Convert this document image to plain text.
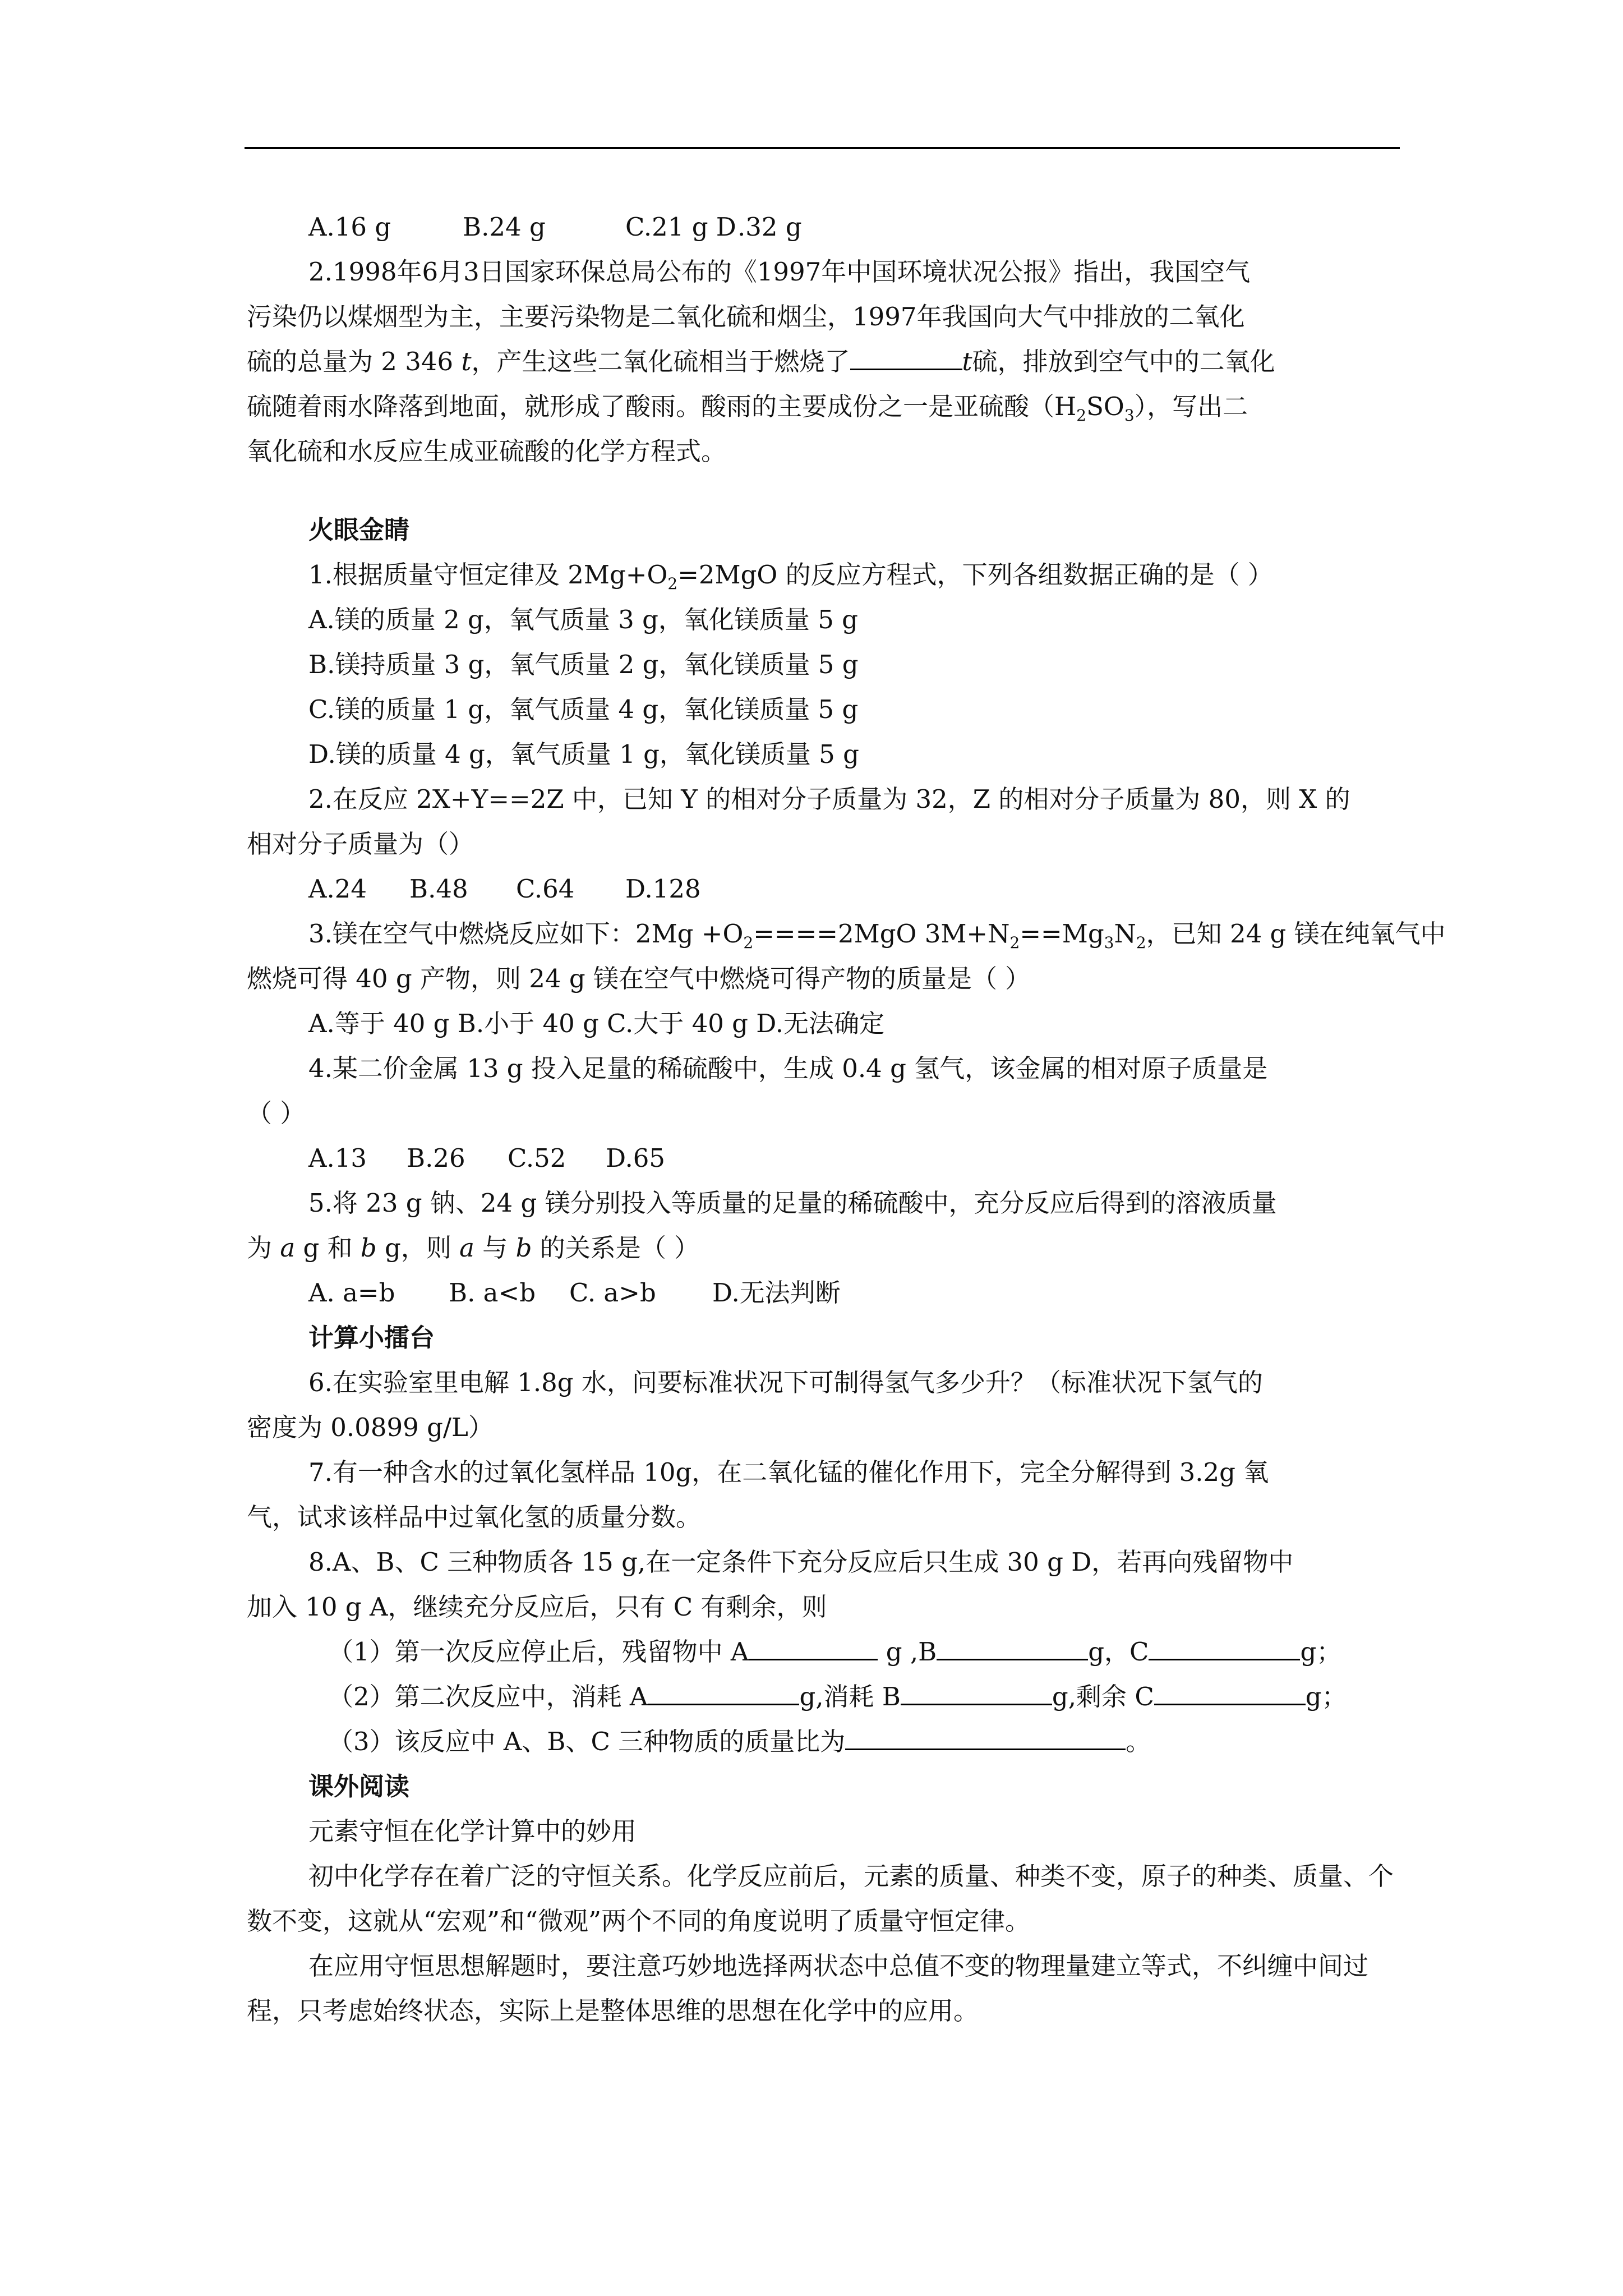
A.16 g	B.24 g	C.21 g D.32 g

2.1998年6月3日国家环保总局公布的《1997年中国环境状况公报》指出，我国空气

污染仍以煤烟型为主，主要污染物是二氧化硫和烟尘，1997年我国向大气中排放的二氧化

硫的总量为 2 346 t，产生这些二氧化硫相当于燃烧了	t硫，排放到空气中的二氧化

硫随着雨水降落到地面，就形成了酸雨。酸雨的主要成份之一是亚硫酸$(H_2SO_3)$，写出二

氧化硫和水反应生成亚硫酸的化学方程式。

火眼金睛

1.根据质量守恒定律及 $2Mg+O_2=2MgO$ 的反应方程式，下列各组数据正确的是（ ）

A.镁的质量 2 g，氧气质量 3 g，氧化镁质量 5 g

B.镁持质量 3 g，氧气质量 2 g，氧化镁质量 5 g

C.镁的质量 1 g，氧气质量 4 g，氧化镁质量 5 g

D.镁的质量 4 g，氧气质量 1 g，氧化镁质量 5 g

2.在反应 2X+Y==2Z 中，已知 Y 的相对分子质量为 32，Z 的相对分子质量为 80，则 X 的

相对分子质量为（）

A.24 B.48 C.64 D.128

3.镁在空气中燃烧反应如下：$2Mg +O_2====2MgO$ $3M+N_2==Mg_3N_2$，已知 24 g 镁在纯氧气中

燃烧可得 40 g 产物，则 24 g 镁在空气中燃烧可得产物的质量是（ ）

A.等于 40 g B.小于 40 g C.大于 40 g D.无法确定

4.某二价金属 13 g 投入足量的稀硫酸中，生成 0.4 g 氢气，该金属的相对原子质量是

（ ）

A.13 B.26 C.52 D.65

5.将 23 g 钠、24 g 镁分别投入等质量的足量的稀硫酸中，充分反应后得到的溶液质量

为 a g 和 b g，则 a 与 b 的关系是（ ）

A. a=b B. a<b C. a>b D.无法判断

计算小擂台

6.在实验室里电解 1.8g 水，问要标准状况下可制得氢气多少升？（标准状况下氢气的

密度为 0.0899 g/L）

7.有一种含水的过氧化氢样品 10g，在二氧化锰的催化作用下，完全分解得到 3.2g 氧

气，试求该样品中过氧化氢的质量分数。

8.A、B、C 三种物质各 15 g,在一定条件下充分反应后只生成 30 g D，若再向残留物中

加入 10 g A，继续充分反应后，只有 C 有剩余，则

（1）第一次反应停止后，残留物中 A	g ,B	g，C	g；

（2）第二次反应中，消耗 A	g,消耗 B	g,剩余 C	g；

（3）该反应中 A、B、C 三种物质的质量比为	。

课外阅读

元素守恒在化学计算中的妙用

初中化学存在着广泛的守恒关系。化学反应前后，元素的质量、种类不变，原子的种类、质量、个数不变，这就从“宏观”和“微观”两个不同的角度说明了质量守恒定律。

在应用守恒思想解题时，要注意巧妙地选择两状态中总值不变的物理量建立等式，不纠缠中间过程，只考虑始终状态，实际上是整体思维的思想在化学中的应用。
